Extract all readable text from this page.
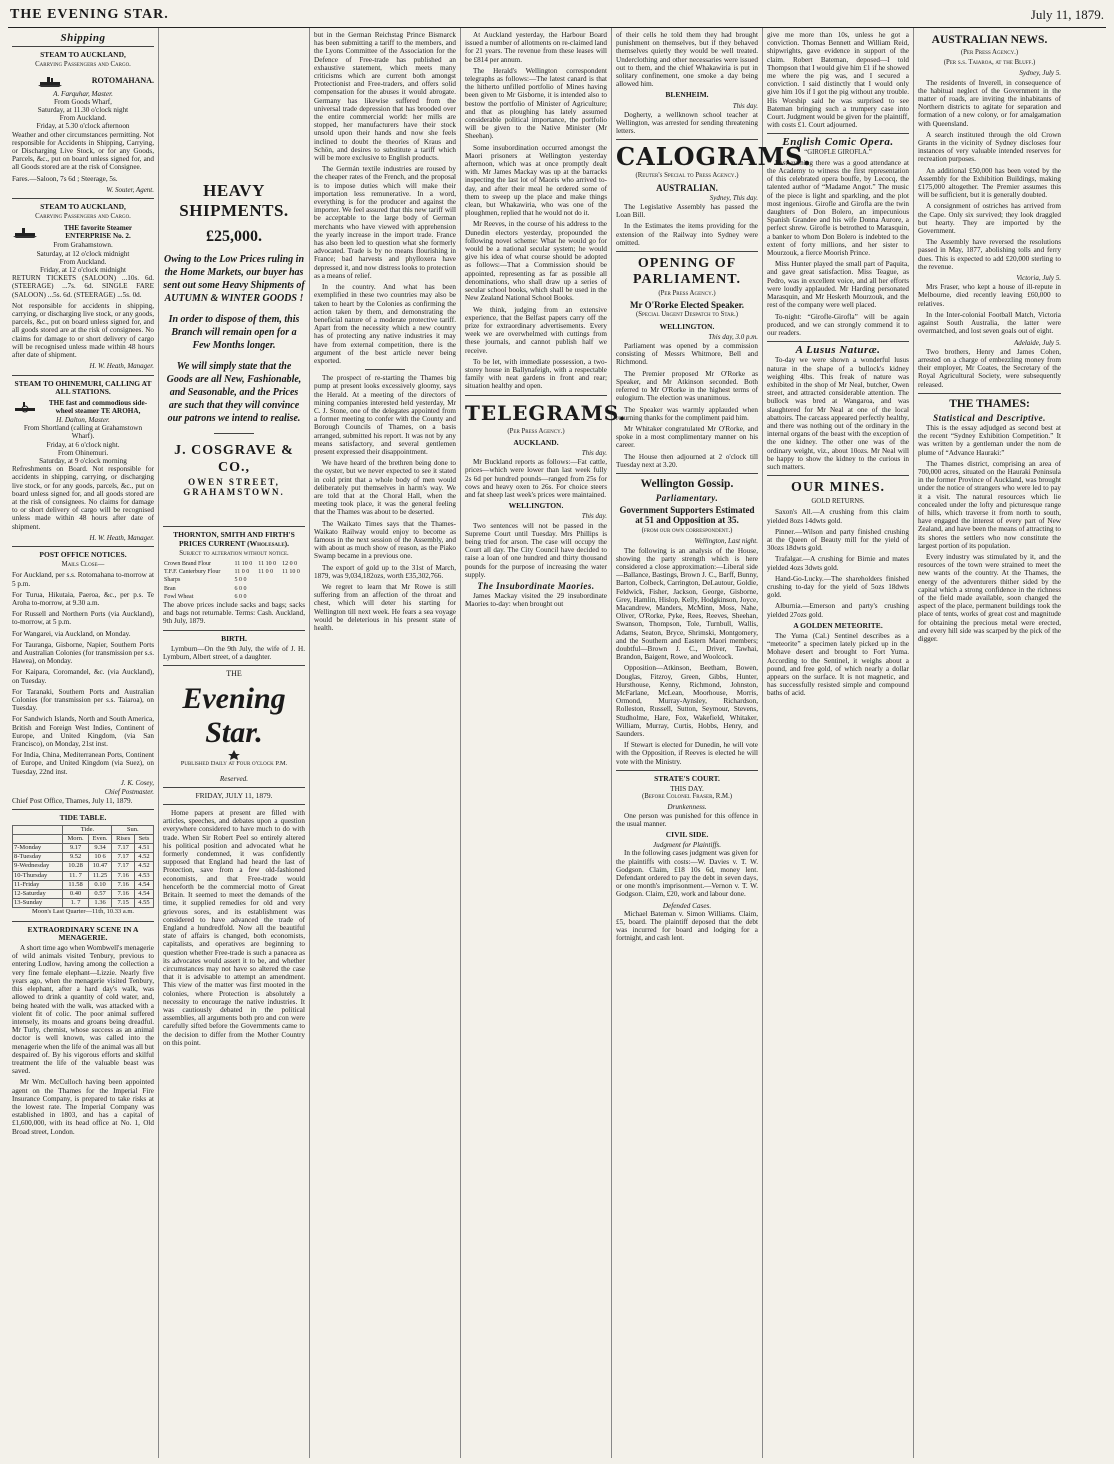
THE EVENING STAR.	July 11, 1879.
Shipping
STEAM TO AUCKLAND,
Carrying Passengers and Cargo.
ROTOMAHANA.
A. Farquhar, Master.
From Goods Wharf,
Saturday, at 11.30 o'clock night
From Auckland.
Friday, at 5.30 o'clock afternoon

Weather and other circumstances permitting. Not responsible for Accidents in Shipping, Carrying, or Discharging Live Stock, or for any Goods, Parcels, &c., put on board unless signed for, and all Goods stored are at the risk of Consignee.

Fares.—Saloon, 7s 6d ; Steerage, 5s.

W. Souter, Agent.
STEAM TO AUCKLAND,
Carrying Passengers and Cargo.
THE favorite Steamer ENTERPRISE No. 2.
From Grahamstown.
Saturday, at 12 o'clock midnight
From Auckland.
Friday, at 12 o'clock midnight

RETURN TICKETS (SALOON) ...10s. 6d. (STEERAGE) ...7s. 6d. SINGLE FARE (SALOON) ...5s. 6d. (STEERAGE) ...5s. 0d.

Not responsible for accidents in shipping, carrying, or discharging live stock, or any goods, parcels, &c., put on board unless signed for, and all goods stored are at the risk of consignees. No claims for damage to or short delivery of cargo will be recognised unless made within 48 hours after date of shipment.

H. W. Heath, Manager.
STEAM TO OHINEMURI, CALLING AT ALL STATIONS.
THE fast and commodious side-wheel steamer TE AROHA,
H. Dalton, Master.
From Shortland (calling at Grahamstown Wharf).
Friday, at 6 o'clock night.
From Ohinemuri.
Saturday, at 9 o'clock morning

Refreshments on Board. Not responsible for accidents in shipping, carrying, or discharging live stock, or for any goods, parcels, &c., put on board unless signed for, and all goods stored are at the risk of consignees. No claims for damage to or short delivery of cargo will be recognised unless made within 48 hours after date of shipment.

H. W. Heath, Manager.
POST OFFICE NOTICES.
Mails Close—

For Auckland, per s.s. Rotomahana to-morrow at 5 p.m.

For Turua, Hikutaia, Paeroa, &c., per p.s. Te Aroha to-morrow, at 9.30 a.m.

For Russell and Northern Ports (via Auckland), to-morrow, at 5 p.m.

For Wangarei, via Auckland, on Monday.

For Tauranga, Gisborne, Napier, Southern Ports and Australian Colonies (for transmission per s.s. Hawea), on Monday.

For Kaipara, Coromandel, &c. (via Auckland), on Tuesday.

For Taranaki, Southern Ports and Australian Colonies (for transmission per s.s. Taiaroa), on Tuesday.

For Sandwich Islands, North and South America, British and Foreign West Indies, Continent of Europe, and United Kingdom, (via San Francisco), on Monday, 21st inst.

For India, China, Mediterranean Ports, Continent of Europe, and United Kingdom (via Suez), on Tuesday, 22nd inst.

J. K. Cosey,
Chief Postmaster.

Chief Post Office, Thames, July 11, 1879.

TIDE TABLE.
	Tide.		Sun.	
	Morn.	Even.	Rises	Sets
7-Monday	9.17	9.34	7.17	4.51
8-Tuesday	9.52	10 6	7.17	4.52
9-Wednesday	10.28	10.47	7.17	4.52
10-Thursday	11. 7	11.25	7.16	4.53
11-Friday	11.58	0.10	7.16	4.54
12-Saturday	0.40	0.57	7.16	4.54
13-Sunday	1. 7	1.36	7.15	4.55
Moon's Last Quarter—11th, 10.33 a.m.
EXTRAORDINARY SCENE IN A MENAGERIE.

A short time ago when Wombwell's menagerie of wild animals visited Tenbury, previous to entering Ludlow, having among the collection a very fine female elephant—Lizzie. Nearly five years ago, when the menagerie visited Tenbury, this elephant, after a hard day's walk, was allowed to drink a quantity of cold water, and, being heated with the walk, was attacked with a violent fit of colic. The poor animal suffered intensely, its moans and groans being dreadful. Mr Turly, chemist, whose success as an animal doctor is well known, was called into the menagerie when the life of the animal was all but despaired of. By his vigorous efforts and skilful treatment the life of the valuable beast was saved.

Mr Wm. McCulloch having been appointed agent on the Thames for the Imperial Fire Insurance Company, is prepared to take risks at the lowest rate. The Imperial Company was established in 1803, and has a capital of £1,600,000, with its head office at No. 1, Old Broad street, London.

HEAVY SHIPMENTS.
£25,000.
Owing to the Low Prices ruling in the Home Markets, our buyer has sent out some Heavy Shipments of AUTUMN & WINTER GOODS !
In order to dispose of them, this Branch will remain open for a Few Months longer.
We will simply state that the Goods are all New, Fashionable, and Seasonable, and the Prices are such that they will convince our patrons we intend to realise.
J. COSGRAVE & CO.,
OWEN STREET,
GRAHAMSTOWN.
THORNTON, SMITH AND FIRTH'S PRICES CURRENT (Wholesale).
Subject to alteration without notice.
Crown Brand Flour	11 10 0	11 10 0	12 0 0
T.F.F. Canterbury Flour	11 0 0	11 0 0	11 10 0
Sharps	5 0 0		
Bran	6 0 0		
Fowl Wheat	6 0 0		

The above prices include sacks and bags; sacks and bags not returnable. Terms: Cash. Auckland, 9th July, 1879.

BIRTH.

Lymburn—On the 9th July, the wife of J. H. Lymburn, Albert street, of a daughter.

THE
Evening Star.
Published Daily at Four o'clock P.M.
Reserved.
FRIDAY, JULY 11, 1879.

Home papers at present are filled with articles, speeches, and debates upon a question everywhere considered to have much to do with trade. When Sir Robert Peel so entirely altered his political position and advocated what he formerly condemned, it was confidently supposed that England had heard the last of Protection, save from a few old-fashioned economists, and that Free-trade would henceforth be the commercial motto of Great Britain. It seemed to meet the demands of the time, it supplied remedies for old and very grievous sores, and its establishment was considered to have advanced the trade of England a hundredfold. Now all the beautiful state of affairs is changed, both economists, capitalists, and operatives are beginning to question whether Free-trade is such a panacea as its advocates would assert it to be, and whether circumstances may not have so altered the case that it is advisable to attempt an amendment. This view of the matter was first mooted in the colonies, where Protection is absolutely a necessity to encourage the native industries. It was cautiously debated in the political assemblies, all arguments both pro and con were carefully sifted before the Governments came to the decision to differ from the Mother Country on this point.

but in the German Reichstag Prince Bismarck has been submitting a tariff to the members, and the Lyons Committee of the Association for the Defence of Free-trade has published an exhaustive statement, which meets many criticisms which are current both amongst Protectionist and Free-traders, and offers solid compensation for the abuses it would abrogate. Germany has likewise suffered from the universal trade depression that has brooded over the entire commercial world: her mills are stopped, her manufacturers have their stock unsold upon their hands and now she feels inclined to doubt the theories of Kraus and Schön, and desires to substitute a tariff which will be more exclusive to English products.

The Germán textile industries are roused by the cheaper rates of the French, and the proposal is to impose duties which will make their importation less remunerative. In a word, everything is for the producer and against the importer. We feel assured that this new tariff will be acceptable to the large body of German merchants who have viewed with apprehension the yearly increase in the import trade. France has also been led to question what she formerly advocated. Trade is by no means flourishing in France; bad harvests and phylloxera have depressed it, and now distress looks to protection as a means of relief.

In the country. And what has been exemplified in these two countries may also be taken to heart by the Colonies as confirming the action taken by them, and demonstrating the beneficial nature of a moderate protective tariff. Apart from the necessity which a new country has of protecting any native industries it may have from external competition, there is the argument of the best article never being exported.

The prospect of re-starting the Thames big pump at present looks excessively gloomy, says the Herald. At a meeting of the directors of mining companies interested held yesterday, Mr C. J. Stone, one of the delegates appointed from a former meeting to confer with the County and Borough Councils of Thames, on a basis arranged, submitted his report. It was not by any means satisfactory, and several gentlemen present expressed their disappointment.

We have heard of the brethren being done to the oyster, but we never expected to see it stated in cold print that a whole body of men would deliberately put themselves in harm's way. We are told that at the Choral Hall, when the meeting took place, it was the general feeling that the Thames was about to be deserted.

The Waikato Times says that the Thames-Waikato Railway would enjoy to become as famous in the next session of the Assembly, and with about as much show of reason, as the Piako Swamp became in a previous one.

The export of gold up to the 31st of March, 1879, was 9,034,182ozs, worth £35,302,766.

We regret to learn that Mr Rowe is still suffering from an affection of the throat and chest, which will deter his starting for Wellington till next week. He fears a sea voyage would be deleterious in his present state of health.

At Auckland yesterday, the Harbour Board issued a number of allotments on re-claimed land for 21 years. The revenue from these leases will be £814 per annum.

The Herald's Wellington correspondent telegraphs as follows:—The latest canard is that the hitherto unfilled portfolio of Mines having been given to Mr Gisborne, it is intended also to bestow the portfolio of Minister of Agriculture; and that as ploughing has lately assumed considerable political importance, the portfolio will be given to the Native Minister (Mr Sheehan).

Some insubordination occurred amongst the Maori prisoners at Wellington yesterday afternoon, which was at once promptly dealt with. Mr James Mackay was up at the barracks inspecting the last lot of Maoris who arrived to-day, and after their meal he ordered some of them to sweep up the place and make things clean, but Whakawiria, who was one of the ploughmen, replied that he would not do it.

Mr Reeves, in the course of his address to the Dunedin electors yesterday, propounded the following novel scheme: What he would go for would be a national secular system; he would give his idea of what course should be adopted as follows:—That a Commission should be appointed, representing as far as possible all denominations, who shall draw up a series of secular school books, which shall be used in the New Zealand National School Books.

We think, judging from an extensive experience, that the Belfast papers carry off the prize for extraordinary advertisements. Every week we are overwhelmed with cuttings from these journals, and cannot publish half we receive.

To be let, with immediate possession, a two-storey house in Ballynafeigh, with a respectable family with neat gardens in front and rear; situation healthy and open.

TELEGRAMS.
(Per Press Agency.)
AUCKLAND.
This day.

Mr Buckland reports as follows:—Fat cattle, prices—which were lower than last week fully 2s 6d per hundred pounds—ranged from 25s for cows and heavy oxen to 26s. For choice steers and fat sheep last week's prices were maintained.

WELLINGTON.
This day.

Two sentences will not be passed in the Supreme Court until Tuesday. Mrs Phillips is being tried for arson. The case will occupy the Court all day. The City Council have decided to raise a loan of one hundred and thirty thousand pounds for the purpose of increasing the water supply.

The Insubordinate Maories.

James Mackay visited the 29 insubordinate Maories to-day: when brought out

of their cells he told them they had brought punishment on themselves, but if they behaved themselves quietly they would be well treated. Underclothing and other necessaries were issued out to them, and the chief Whakawiria is put in solitary confinement, one smoke a day being allowed him.

BLENHEIM.
This day.

Dogherty, a wellknown school teacher at Wellington, was arrested for sending threatening letters.

CALOGRAMS.
(Reuter's Special to Press Agency.)
AUSTRALIAN.
Sydney, This day.

The Legislative Assembly has passed the Loan Bill.

In the Estimates the items providing for the extension of the Railway into Sydney were omitted.

OPENING OF PARLIAMENT.
(Per Press Agency.)
Mr O'Rorke Elected Speaker.
(Special Urgent Despatch to Star.)
WELLINGTON.
This day, 3.0 p.m.

Parliament was opened by a commission consisting of Messrs Whitmore, Bell and Richmond.

The Premier proposed Mr O'Rorke as Speaker, and Mr Atkinson seconded. Both referred to Mr O'Rorke in the highest terms of eulogium. The election was unanimous.

The Speaker was warmly applauded when returning thanks for the compliment paid him.

Mr Whitaker congratulated Mr O'Rorke, and spoke in a most complimentary manner on his career.

The House then adjourned at 2 o'clock till Tuesday next at 3.20.

Wellington Gossip.
Parliamentary.
Government Supporters Estimated at 51 and Opposition at 35.
(from our own correspondent.)
Wellington, Last night.

The following is an analysis of the House, showing the party strength which is here considered a close approximation:—Liberal side—Ballance, Bastings, Brown J. C., Barff, Bunny, Barton, Colbeck, Carrington, DeLautour, Goldie, Feldwick, Fisher, Jackson, George, Gisborne, Grey, Hamlin, Hislop, Kelly, Hodgkinson, Joyce, Macandrew, Manders, McMinn, Moss, Nahe, Oliver, O'Rorke, Pyke, Rees, Reeves, Sheehan, Swanson, Thompson, Tole, Turnbull, Wallis, Adams, Seaton, Bryce, Shrimski, Montgomery, and the Southern and Eastern Maori members; doubtful—Brown J. C., Driver, Tawhai, Brandon, Baigent, Rowe, and Woolcock.

Opposition—Atkinson, Beetham, Bowen, Douglas, Fitzroy, Green, Gibbs, Hunter, Hursthouse, Kenny, Richmond, Johnston, McFarlane, McLean, Moorhouse, Morris, Ormond, Murray-Aynsley, Richardson, Rolleston, Russell, Sutton, Seymour, Stevens, Studholme, Hare, Fox, Wakefield, Whitaker, William, Murray, Curtis, Hobbs, Henry, and Saunders.

If Stewart is elected for Dunedin, he will vote with the Opposition, if Reeves is elected he will vote with the Ministry.

STRATE'S COURT.
THIS DAY.
(Before Colonel Fraser, R.M.)
Drunkenness.

One person was punished for this offence in the usual manner.

CIVIL SIDE.
Judgment for Plaintiffs.

In the following cases judgment was given for the plaintiffs with costs:—W. Davies v. T. W. Godgson. Claim, £18 10s 6d, money lent. Defendant ordered to pay the debt in seven days, or one month's imprisonment.—Vernon v. T. W. Godgson. Claim, £20, work and labour done.

Defended Cases.

Michael Bateman v. Simon Williams. Claim, £5, board. The plaintiff deposed that the debt was incurred for board and lodging for a fortnight, and cash lent.

give me more than 10s, unless he got a conviction. Thomas Bennett and William Reid, shipwrights, gave evidence in support of the claim. Robert Bateman, deposed—I told Thompson that I would give him £1 if he showed me where the pig was, and I secured a conviction. I said distinctly that I would only give him 10s if I got the pig without any trouble. His Worship said he was surprised to see Bateman bringing such a trumpery case into Court. Judgment would be given for the plaintiff, with costs £1. Court adjourned.

English Comic Opera.
“GIROFLE GIROFLA.”

Last evening there was a good attendance at the Academy to witness the first representation of this celebrated opera bouffe, by Lecocq, the talented author of “Madame Angot.” The music of the piece is light and sparkling, and the plot most ingenious. Girofle and Girofla are the twin daughters of Don Bolero, an impecunious Spanish Grandee and his wife Donna Aurore, a perfect shrew. Girofle is betrothed to Marasquin, a banker to whom Don Bolero is indebted to the extent of forty millions, and her sister to Mourzouk, a fierce Moorish Prince.

Miss Hunter played the small part of Paquita, and gave great satisfaction. Miss Teague, as Pedro, was in excellent voice, and all her efforts were loudly applauded. Mr Harding personated Marasquin, and Mr Hesketh Mourzouk, and the rest of the company were well placed.

To-night: “Girofle-Girofla” will be again produced, and we can strongly commend it to our readers.

A Lusus Naturæ.

To-day we were shown a wonderful lusus naturæ in the shape of a bullock's kidney weighing 4lbs. This freak of nature was exhibited in the shop of Mr Neal, butcher, Owen street, and attracted considerable attention. The bullock was bred at Wangaroa, and was slaughtered for Mr Neal at one of the local abattoirs. The carcass appeared perfectly healthy, and there was nothing out of the ordinary in the internal organs of the beast with the exception of the one kidney. The other one was of the ordinary weight, viz., about 10ozs. Mr Neal will be happy to show the kidney to the curious in such matters.

OUR MINES.
GOLD RETURNS.

Saxon's All.—A crushing from this claim yielded 8ozs 14dwts gold.

Pinner.—Wilson and party finished crushing at the Queen of Beauty mill for the yield of 30ozs 18dwts gold.

Trafalgar.—A crushing for Birnie and mates yielded 4ozs 3dwts gold.

Hand-Go-Lucky.—The shareholders finished crushing to-day for the yield of 5ozs 18dwts gold.

Alburnia.—Emerson and party's crushing yielded 27ozs gold.

A GOLDEN METEORITE.

The Yuma (Cal.) Sentinel describes as a “meteorite” a specimen lately picked up in the Mohave desert and brought to Fort Yuma. According to the Sentinel, it weighs about a pound, and free gold, of which nearly a dollar appears on the surface. It is not magnetic, and has successfully resisted simple and compound baths of acid.

AUSTRALIAN NEWS.
(Per Press Agency.)
(Per s.s. Taiaroa, at the Bluff.)
Sydney, July 5.

The residents of Inverell, in consequence of the habitual neglect of the Government in the matter of roads, are inviting the inhabitants of Northern districts to agitate for separation and formation of a new colony, or for amalgamation with Queensland.

A search instituted through the old Crown Grants in the vicinity of Sydney discloses four instances of very valuable intended reserves for recreation purposes.

An additional £50,000 has been voted by the Assembly for the Exhibition Buildings, making £175,000 altogether. The Premier assumes this will be sufficient, but it is generally doubted.

A consignment of ostriches has arrived from the Cape. Only six survived; they look draggled but hearty. They are imported by the Government.

The Assembly have reversed the resolutions passed in May, 1877, abolishing tolls and ferry dues. This is expected to add £20,000 sterling to the revenue.

Victoria, July 5.

Mrs Fraser, who kept a house of ill-repute in Melbourne, died recently leaving £60,000 to relatives.

In the Inter-colonial Football Match, Victoria against South Australia, the latter were overmatched, and lost seven goals out of eight.

Adelaide, July 5.

Two brothers, Henry and James Cohen, arrested on a charge of embezzling money from their employer, Mr Coates, the Secretary of the Royal Agricultural Society, were subsequently released.

THE THAMES:
Statistical and Descriptive.

This is the essay adjudged as second best at the recent “Sydney Exhibition Competition.” It was written by a gentleman under the nom de plume of “Advance Hauraki:”

The Thames district, comprising an area of 700,000 acres, situated on the Hauraki Peninsula in the former Province of Auckland, was brought under the notice of strangers who were led to pay it a visit. The natural resources which lie concealed under the lofty and picturesque range of hills, which traverse it from north to south, have engaged the interest of every part of New Zealand, and have been the means of attracting to its shores the settlers who now constitute the largest portion of its population.

Every industry was stimulated by it, and the resources of the town were strained to meet the new wants of the country. At the Thames, the energy of the adventurers thither sided by the capital which a strong confidence in the richness of the field made available, soon changed the aspect of the place, permanent buildings took the place of tents, works of great cost and magnitude for obtaining the precious metal were erected, and every hill side was scarped by the pick of the digger.
